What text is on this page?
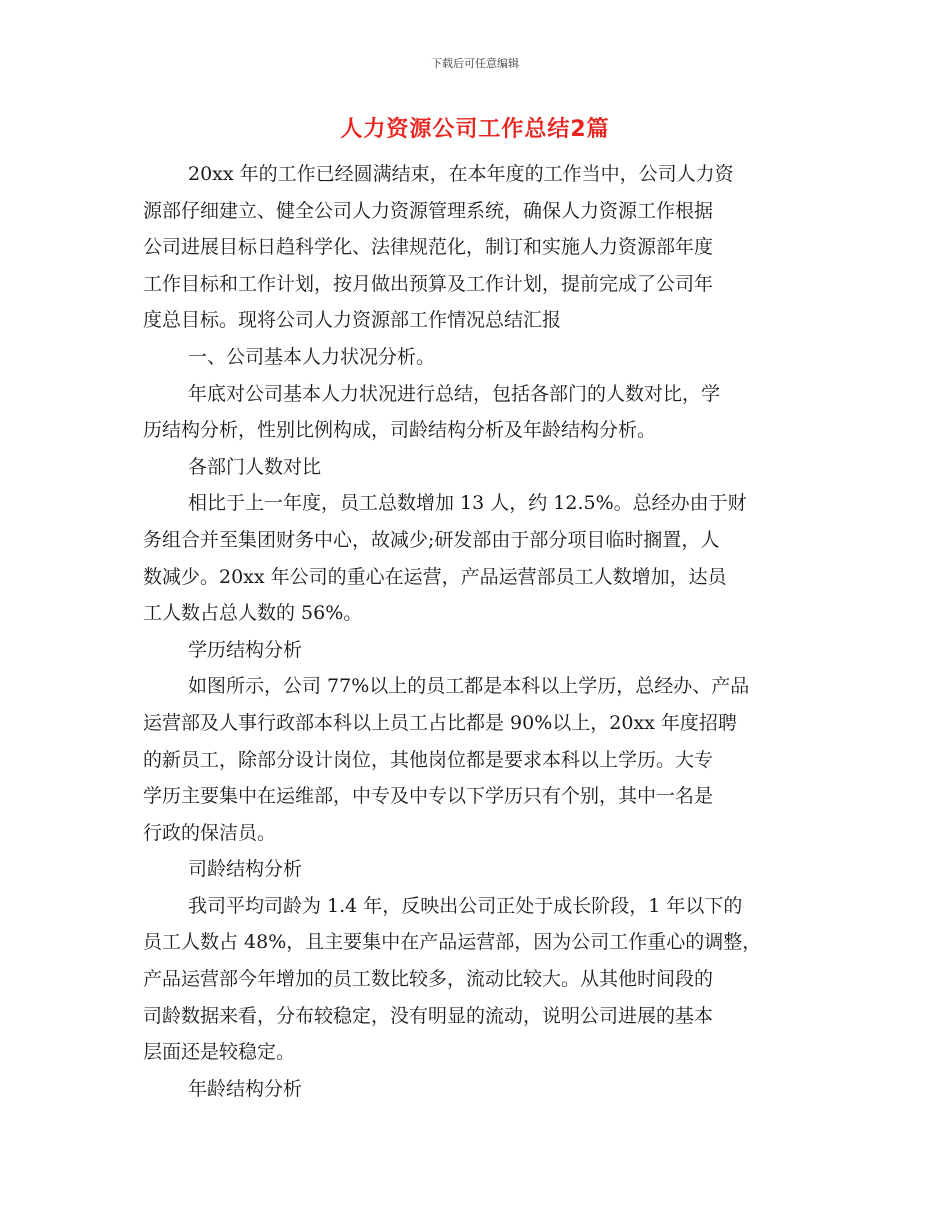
下载后可任意编辑
人力资源公司工作总结2篇
20xx 年的工作已经圆满结束，在本年度的工作当中，公司人力资
源部仔细建立、健全公司人力资源管理系统，确保人力资源工作根据
公司进展目标日趋科学化、法律规范化，制订和实施人力资源部年度
工作目标和工作计划，按月做出预算及工作计划，提前完成了公司年
度总目标。现将公司人力资源部工作情况总结汇报
一、公司基本人力状况分析。
年底对公司基本人力状况进行总结，包括各部门的人数对比，学
历结构分析，性别比例构成，司龄结构分析及年龄结构分析。
各部门人数对比
相比于上一年度，员工总数增加 13 人，约 12.5%。总经办由于财
务组合并至集团财务中心，故减少;研发部由于部分项目临时搁置，人
数减少。20xx 年公司的重心在运营，产品运营部员工人数增加，达员
工人数占总人数的 56%。
学历结构分析
如图所示，公司 77%以上的员工都是本科以上学历，总经办、产品
运营部及人事行政部本科以上员工占比都是 90%以上，20xx 年度招聘
的新员工，除部分设计岗位，其他岗位都是要求本科以上学历。大专
学历主要集中在运维部，中专及中专以下学历只有个别，其中一名是
行政的保洁员。
司龄结构分析
我司平均司龄为 1.4 年，反映出公司正处于成长阶段，1 年以下的
员工人数占 48%，且主要集中在产品运营部，因为公司工作重心的调整，
产品运营部今年增加的员工数比较多，流动比较大。从其他时间段的
司龄数据来看，分布较稳定，没有明显的流动，说明公司进展的基本
层面还是较稳定。
年龄结构分析
